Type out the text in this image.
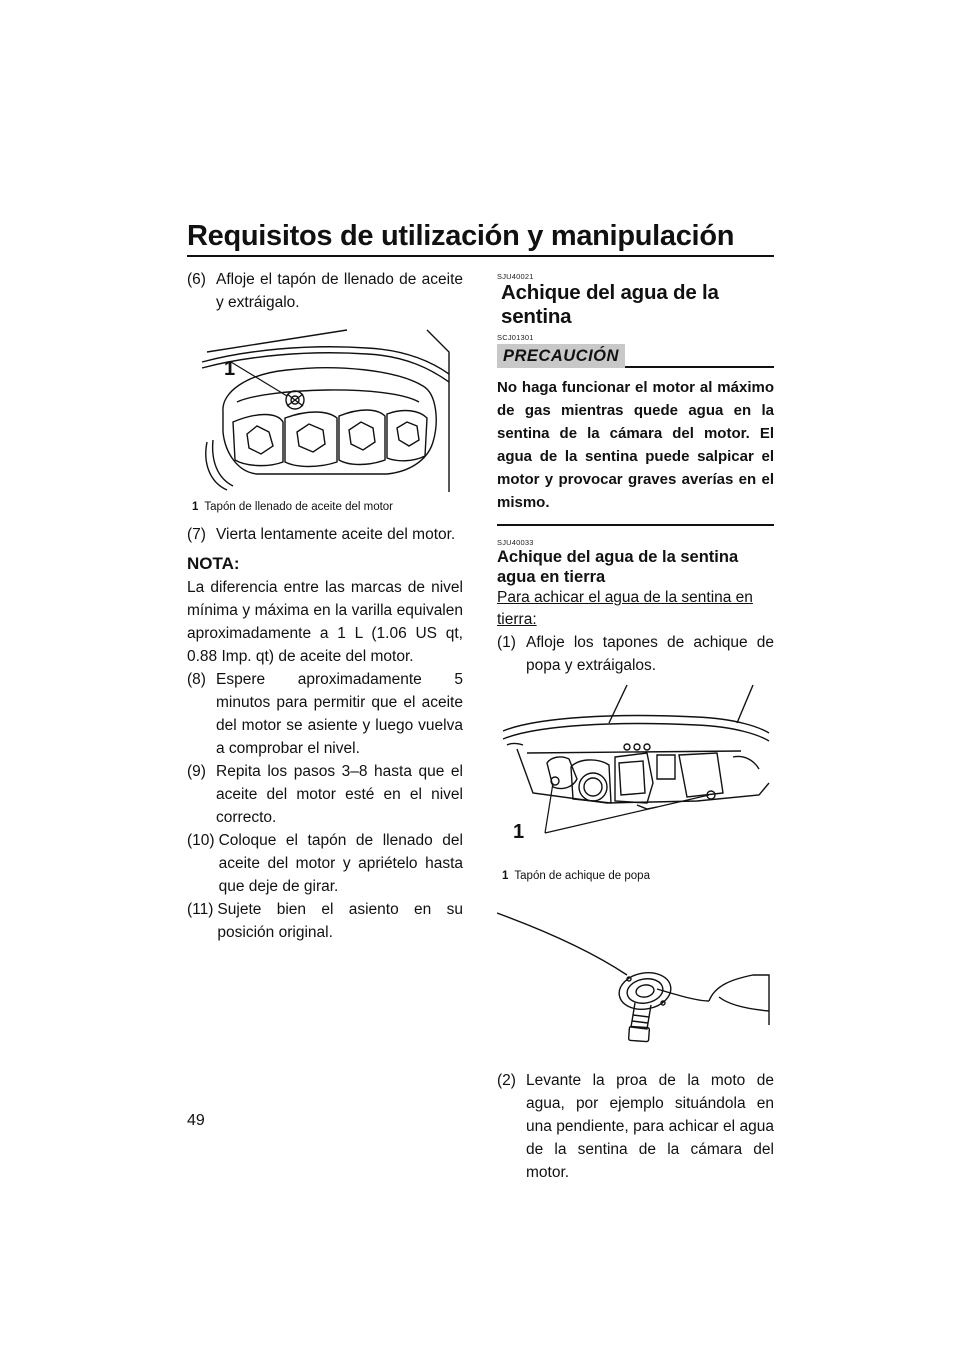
Requisitos de utilización y manipulación

(6) Afloje el tapón de llenado de aceite y extráigalo.

1

1 Tapón de llenado de aceite del motor

(7) Vierta lentamente aceite del motor.

NOTA:

La diferencia entre las marcas de nivel mínima y máxima en la varilla equivalen aproximadamente a 1 L (1.06 US qt, 0.88 Imp. qt) de aceite del motor.

(8) Espere aproximadamente 5 minutos para permitir que el aceite del motor se asiente y luego vuelva a comprobar el nivel.

(9) Repita los pasos 3–8 hasta que el aceite del motor esté en el nivel correcto.

(10) Coloque el tapón de llenado del aceite del motor y apriételo hasta que deje de girar.

(11) Sujete bien el asiento en su posición original.

SJU40021

Achique del agua de la sentina

SCJ01301

PRECAUCIÓN

No haga funcionar el motor al máximo de gas mientras quede agua en la sentina de la cámara del motor. El agua de la sentina puede salpicar el motor y provocar graves averías en el mismo.

SJU40033

Achique del agua de la sentina agua en tierra

Para achicar el agua de la sentina en tierra:

(1) Afloje los tapones de achique de popa y extráigalos.

1

1 Tapón de achique de popa

(2) Levante la proa de la moto de agua, por ejemplo situándola en una pendiente, para achicar el agua de la sentina de la cámara del motor.

49
